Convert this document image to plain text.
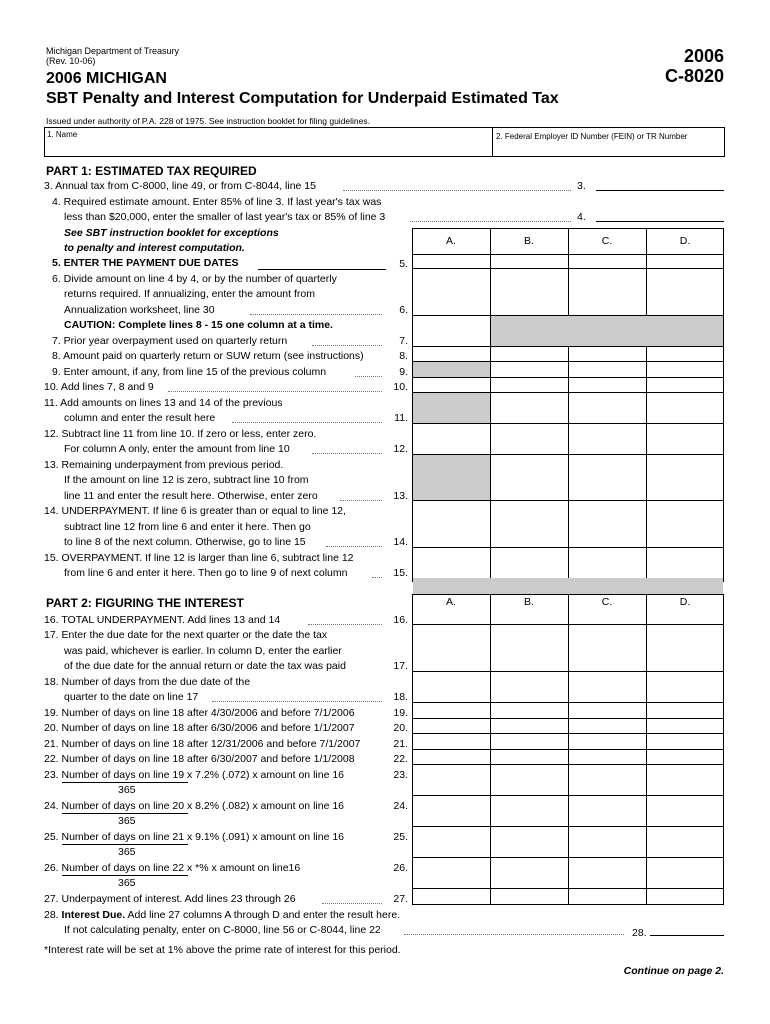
Michigan Department of Treasury
(Rev. 10-06)	2006
C-8020
2006 MICHIGAN
SBT Penalty and Interest Computation for Underpaid Estimated Tax
Issued under authority of P.A. 228 of 1975. See instruction booklet for filing guidelines.
1. Name	2. Federal Employer ID Number (FEIN) or TR Number
PART 1: ESTIMATED TAX REQUIRED
3. Annual tax from C-8000, line 49, or from C-8044, line 15	3.
4. Required estimate amount. Enter 85% of line 3. If last year's tax was
less than $20,000, enter the smaller of last year's tax or 85% of line 3	4.
See SBT instruction booklet for exceptions
to penalty and interest computation.
A.	B.	C.	D.
5. ENTER THE PAYMENT DUE DATES	5.
6. Divide amount on line 4 by 4, or by the number of quarterly
returns required. If annualizing, enter the amount from
Annualization worksheet, line 30	6.
CAUTION: Complete lines 8 - 15 one column at a time.
7. Prior year overpayment used on quarterly return	7.
8. Amount paid on quarterly return or SUW return (see instructions)	8.
9. Enter amount, if any, from line 15 of the previous column	9.
10. Add lines 7, 8 and 9	10.
11. Add amounts on lines 13 and 14 of the previous
column and enter the result here	11.
12. Subtract line 11 from line 10. If zero or less, enter zero.
For column A only, enter the amount from line 10	12.
13. Remaining underpayment from previous period.
If the amount on line 12 is zero, subtract line 10 from
line 11 and enter the result here. Otherwise, enter zero	13.
14. UNDERPAYMENT. If line 6 is greater than or equal to line 12,
subtract line 12 from line 6 and enter it here. Then go
to line 8 of the next column. Otherwise, go to line 15	14.
15. OVERPAYMENT. If line 12 is larger than line 6, subtract line 12
from line 6 and enter it here. Then go to line 9 of next column	15.
PART 2: FIGURING THE INTEREST	A.	B.	C.	D.
16. TOTAL UNDERPAYMENT. Add lines 13 and 14	16.
17. Enter the due date for the next quarter or the date the tax
was paid, whichever is earlier. In column D, enter the earlier
of the due date for the annual return or date the tax was paid	17.
18. Number of days from the due date of the
quarter to the date on line 17	18.
19. Number of days on line 18 after 4/30/2006 and before 7/1/2006	19.
20. Number of days on line 18 after 6/30/2006 and before 1/1/2007	20.
21. Number of days on line 18 after 12/31/2006 and before 7/1/2007	21.
22. Number of days on line 18 after 6/30/2007 and before 1/1/2008	22.
23. Number of days on line 19 x 7.2% (.072) x amount on line 16
365
23.
24. Number of days on line 20 x 8.2% (.082) x amount on line 16
365
24.
25. Number of days on line 21 x 9.1% (.091) x amount on line 16
365
25.
26. Number of days on line 22 x *% x amount on line16
365
26.
27. Underpayment of interest. Add lines 23 through 26	27.
28. Interest Due. Add line 27 columns A through D and enter the result here.
If not calculating penalty, enter on C-8000, line 56 or C-8044, line 22	28.
*Interest rate will be set at 1% above the prime rate of interest for this period.
Continue on page 2.
